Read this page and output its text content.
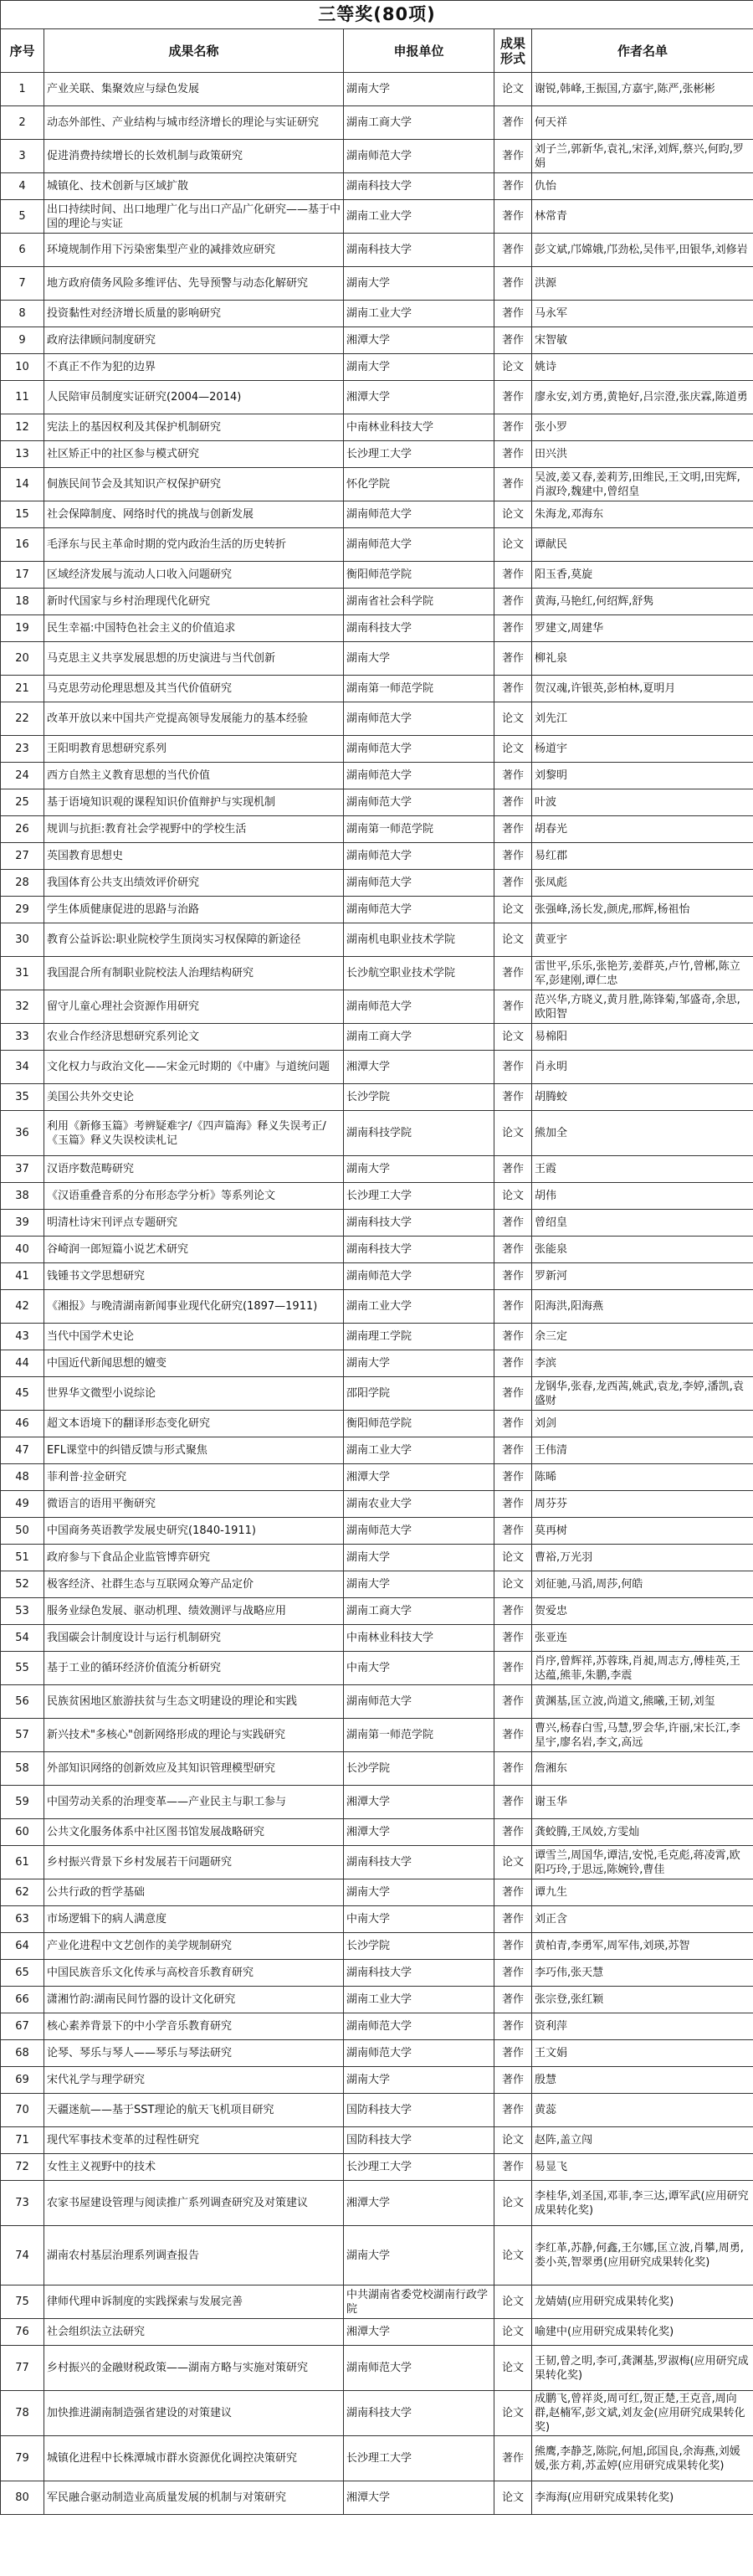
三等奖(80项)
序号	成果名称	申报单位	成果形式	作者名单
1	产业关联、集聚效应与绿色发展	湖南大学	论文	谢锐,韩峰,王振国,方嘉宇,陈严,张彬彬
2	动态外部性、产业结构与城市经济增长的理论与实证研究	湖南工商大学	著作	何天祥
3	促进消费持续增长的长效机制与政策研究	湖南师范大学	著作	刘子兰,郭新华,袁礼,宋泽,刘辉,蔡兴,何昀,罗娟
4	城镇化、技术创新与区域扩散	湖南科技大学	著作	仇怡
5	出口持续时间、出口地理广化与出口产品广化研究——基于中国的理论与实证	湖南工业大学	著作	林常青
6	环境规制作用下污染密集型产业的减排效应研究	湖南科技大学	著作	彭文斌,邝嫦娥,邝劲松,吴伟平,田银华,刘修岩
7	地方政府债务风险多维评估、先导预警与动态化解研究	湖南大学	著作	洪源
8	投资黏性对经济增长质量的影响研究	湖南工业大学	著作	马永军
9	政府法律顾问制度研究	湘潭大学	著作	宋智敏
10	不真正不作为犯的边界	湖南大学	论文	姚诗
11	人民陪审员制度实证研究(2004—2014)	湘潭大学	著作	廖永安,刘方勇,黄艳好,吕宗澄,张庆霖,陈道勇
12	宪法上的基因权利及其保护机制研究	中南林业科技大学	著作	张小罗
13	社区矫正中的社区参与模式研究	长沙理工大学	著作	田兴洪
14	侗族民间节会及其知识产权保护研究	怀化学院	著作	吴波,姜又春,姜莉芳,田维民,王文明,田宪辉,肖淑玲,魏建中,曾绍皇
15	社会保障制度、网络时代的挑战与创新发展	湖南师范大学	论文	朱海龙,邓海东
16	毛泽东与民主革命时期的党内政治生活的历史转折	湖南师范大学	论文	谭献民
17	区域经济发展与流动人口收入问题研究	衡阳师范学院	著作	阳玉香,莫旋
18	新时代国家与乡村治理现代化研究	湖南省社会科学院	著作	黄海,马艳红,何绍辉,舒隽
19	民生幸福:中国特色社会主义的价值追求	湖南科技大学	著作	罗建文,周建华
20	马克思主义共享发展思想的历史演进与当代创新	湖南大学	著作	柳礼泉
21	马克思劳动伦理思想及其当代价值研究	湖南第一师范学院	著作	贺汉魂,许银英,彭柏林,夏明月
22	改革开放以来中国共产党提高领导发展能力的基本经验	湖南师范大学	论文	刘先江
23	王阳明教育思想研究系列	湖南师范大学	论文	杨道宇
24	西方自然主义教育思想的当代价值	湖南师范大学	著作	刘黎明
25	基于语境知识观的课程知识价值辩护与实现机制	湖南师范大学	著作	叶波
26	规训与抗拒:教育社会学视野中的学校生活	湖南第一师范学院	著作	胡春光
27	英国教育思想史	湖南师范大学	著作	易红郡
28	我国体育公共支出绩效评价研究	湖南师范大学	著作	张凤彪
29	学生体质健康促进的思路与治路	湖南师范大学	论文	张强峰,汤长发,颜虎,邢辉,杨祖怡
30	教育公益诉讼:职业院校学生顶岗实习权保障的新途径	湖南机电职业技术学院	论文	黄亚宇
31	我国混合所有制职业院校法人治理结构研究	长沙航空职业技术学院	著作	雷世平,乐乐,张艳芳,姜群英,卢竹,曾郴,陈立军,彭建刚,谭仁忠
32	留守儿童心理社会资源作用研究	湖南师范大学	著作	范兴华,方晓义,黄月胜,陈锋菊,邹盛奇,余思,欧阳智
33	农业合作经济思想研究系列论文	湖南工商大学	论文	易棉阳
34	文化权力与政治文化——宋金元时期的《中庸》与道统问题	湘潭大学	著作	肖永明
35	美国公共外交史论	长沙学院	著作	胡腾蛟
36	利用《新修玉篇》考辨疑难字/《四声篇海》释义失误考正/《玉篇》释义失误校读札记	湖南科技学院	论文	熊加全
37	汉语序数范畴研究	湖南大学	著作	王霞
38	《汉语重叠音系的分布形态学分析》等系列论文	长沙理工大学	论文	胡伟
39	明清杜诗宋刊评点专题研究	湖南科技大学	著作	曾绍皇
40	谷崎润一郎短篇小说艺术研究	湖南科技大学	著作	张能泉
41	钱锺书文学思想研究	湖南师范大学	著作	罗新河
42	《湘报》与晚清湖南新闻事业现代化研究(1897—1911)	湖南工业大学	著作	阳海洪,阳海燕
43	当代中国学术史论	湖南理工学院	著作	余三定
44	中国近代新闻思想的嬗变	湖南大学	著作	李滨
45	世界华文微型小说综论	邵阳学院	著作	龙钢华,张春,龙西茜,姚武,袁龙,李婷,潘凯,袁盛财
46	超文本语境下的翻译形态变化研究	衡阳师范学院	著作	刘剑
47	EFL课堂中的纠错反馈与形式聚焦	湖南工业大学	著作	王伟清
48	菲利普·拉金研究	湘潭大学	著作	陈晞
49	微语言的语用平衡研究	湖南农业大学	著作	周芬芬
50	中国商务英语教学发展史研究(1840-1911)	湖南师范大学	著作	莫再树
51	政府参与下食品企业监管博弈研究	湖南大学	论文	曹裕,万光羽
52	极客经济、社群生态与互联网众筹产品定价	湖南大学	论文	刘征驰,马滔,周莎,何皓
53	服务业绿色发展、驱动机理、绩效测评与战略应用	湖南工商大学	著作	贺爱忠
54	我国碳会计制度设计与运行机制研究	中南林业科技大学	著作	张亚连
55	基于工业的循环经济价值流分析研究	中南大学	著作	肖序,曾辉祥,苏蓉珠,肖昶,周志方,傅桂英,王达蕴,熊菲,朱鹏,李震
56	民族贫困地区旅游扶贫与生态文明建设的理论和实践	湖南师范大学	著作	黄渊基,匡立波,尚道文,熊曦,王韧,刘玺
57	新兴技术"多核心"创新网络形成的理论与实践研究	湖南第一师范学院	著作	曹兴,杨春白雪,马慧,罗会华,许丽,宋长江,李星宇,廖名岩,李文,高远
58	外部知识网络的创新效应及其知识管理模型研究	长沙学院	著作	詹湘东
59	中国劳动关系的治理变革——产业民主与职工参与	湘潭大学	著作	谢玉华
60	公共文化服务体系中社区图书馆发展战略研究	湘潭大学	著作	龚蛟腾,王凤姣,方雯灿
61	乡村振兴背景下乡村发展若干问题研究	湖南科技大学	论文	谭雪兰,周国华,谭洁,安悦,毛克彪,蒋凌霄,欧阳巧玲,于思远,陈婉铃,曹佳
62	公共行政的哲学基础	湖南大学	著作	谭九生
63	市场逻辑下的病人满意度	中南大学	著作	刘正含
64	产业化进程中文艺创作的美学规制研究	长沙学院	著作	黄柏青,李勇军,周军伟,刘瑛,苏智
65	中国民族音乐文化传承与高校音乐教育研究	湖南科技大学	著作	李巧伟,张天慧
66	潇湘竹韵:湖南民间竹器的设计文化研究	湖南工业大学	著作	张宗登,张红颖
67	核心素养背景下的中小学音乐教育研究	湖南师范大学	著作	资利萍
68	论琴、琴乐与琴人——琴乐与琴法研究	湖南师范大学	著作	王文娟
69	宋代礼学与理学研究	湖南大学	著作	殷慧
70	天疆迷航——基于SST理论的航天飞机项目研究	国防科技大学	著作	黄蕊
71	现代军事技术变革的过程性研究	国防科技大学	论文	赵阵,盖立闯
72	女性主义视野中的技术	长沙理工大学	著作	易显飞
73	农家书屋建设管理与阅读推广系列调查研究及对策建议	湘潭大学	论文	李桂华,刘圣国,邓菲,李三达,谭军武(应用研究成果转化奖)
74	湖南农村基层治理系列调查报告	湖南大学	论文	李红革,苏静,何鑫,王尔娜,匡立波,肖攀,周勇,娄小英,智翠勇(应用研究成果转化奖)
75	律师代理申诉制度的实践探索与发展完善	中共湖南省委党校湖南行政学院	论文	龙婧婧(应用研究成果转化奖)
76	社会组织法立法研究	湘潭大学	论文	喻建中(应用研究成果转化奖)
77	乡村振兴的金融财税政策——湖南方略与实施对策研究	湖南师范大学	论文	王韧,曾之明,李可,龚渊基,罗淑梅(应用研究成果转化奖)
78	加快推进湖南制造强省建设的对策建议	湖南科技大学	论文	成鹏飞,曾祥炎,周可红,贺正楚,王克音,周向群,赵楠军,彭文斌,刘友金(应用研究成果转化奖)
79	城镇化进程中长株潭城市群水资源优化调控决策研究	长沙理工大学	著作	熊鹰,李静芝,陈院,何旭,邱国良,余海燕,刘媛媛,张方莉,苏孟婷(应用研究成果转化奖)
80	军民融合驱动制造业高质量发展的机制与对策研究	湘潭大学	论文	李海海(应用研究成果转化奖)
